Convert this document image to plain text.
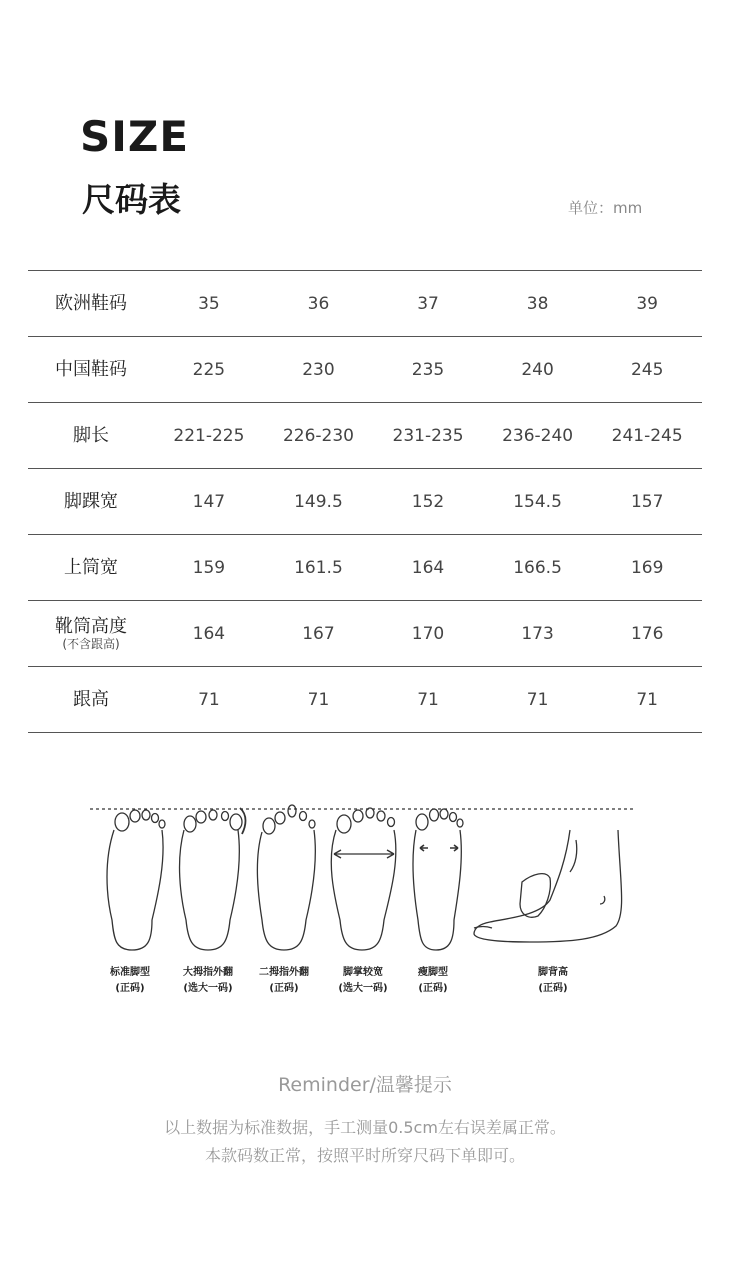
SIZE
尺码表	单位：mm
欧洲鞋码	35	36	37	38	39

中国鞋码	225	230	235	240	245

脚长	221-225	226-230	231-235	236-240	241-245

脚踝宽	147	149.5	152	154.5	157

上筒宽	159	161.5	164	166.5	169

靴筒高度
(不含跟高)	164	167	170	173	176

跟高	71	71	71	71	71
标准脚型
(正码)
大拇指外翻
(选大一码)
二拇指外翻
(正码)
脚掌较宽
(选大一码)
瘦脚型
(正码)
脚背高
(正码)
Reminder/温馨提示
以上数据为标准数据，手工测量0.5cm左右误差属正常。
本款码数正常，按照平时所穿尺码下单即可。
